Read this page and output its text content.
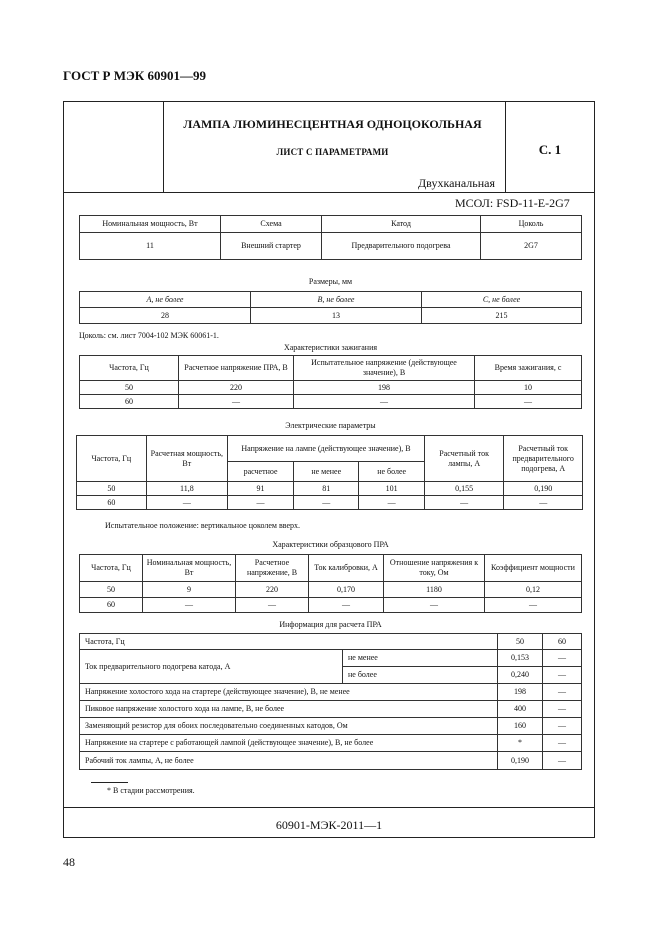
ГОСТ Р МЭК 60901—99
ЛАМПА ЛЮМИНЕСЦЕНТНАЯ ОДНОЦОКОЛЬНАЯ
ЛИСТ С ПАРАМЕТРАМИ	С. 1
Двухканальная
МСОЛ: FSD-11-E-2G7
Номинальная мощность, Вт	Схема	Катод	Цоколь
11	Внешний стартер	Предварительного подогрева	2G7
Размеры, мм
A, не более	B, не более	C, не более
28	13	215
Цоколь: см. лист 7004-102 МЭК 60061-1.
Характеристики зажигания
Частота, Гц	Расчетное напряжение ПРА, В	Испытательное напряжение (действующее значение), В	Время зажигания, с
50	220	198	10
60	—	—	—
Электрические параметры
Частота, Гц	Расчетная мощность, Вт	Напряжение на лампе (действующее значение), В			Расчетный ток лампы, А	Расчетный ток предварительного подогрева, А
		расчетное	не менее	не более		
50	11,8	91	81	101	0,155	0,190
60	—	—	—	—	—	—
Испытательное положение: вертикальное цоколем вверх.
Характеристики образцового ПРА
Частота, Гц	Номинальная мощность, Вт	Расчетное напряжение, В	Ток калибровки, А	Отношение напряжения к току, Ом	Коэффициент мощности
50	9	220	0,170	1180	0,12
60	—	—	—	—	—
Информация для расчета ПРА
Частота, Гц		50	60
Ток предварительного подогрева катода, А	не менее	0,153	—
	не более	0,240	—
Напряжение холостого хода на стартере (действующее значение), В, не менее		198	—
Пиковое напряжение холостого хода на лампе, В, не более		400	—
Заменяющий резистор для обоих последовательно соединенных катодов, Ом		160	—
Напряжение на стартере с работающей лампой (действующее значение), В, не более		*	—
Рабочий ток лампы, А, не более		0,190	—
* В стадии рассмотрения.
60901-МЭК-2011—1
48
